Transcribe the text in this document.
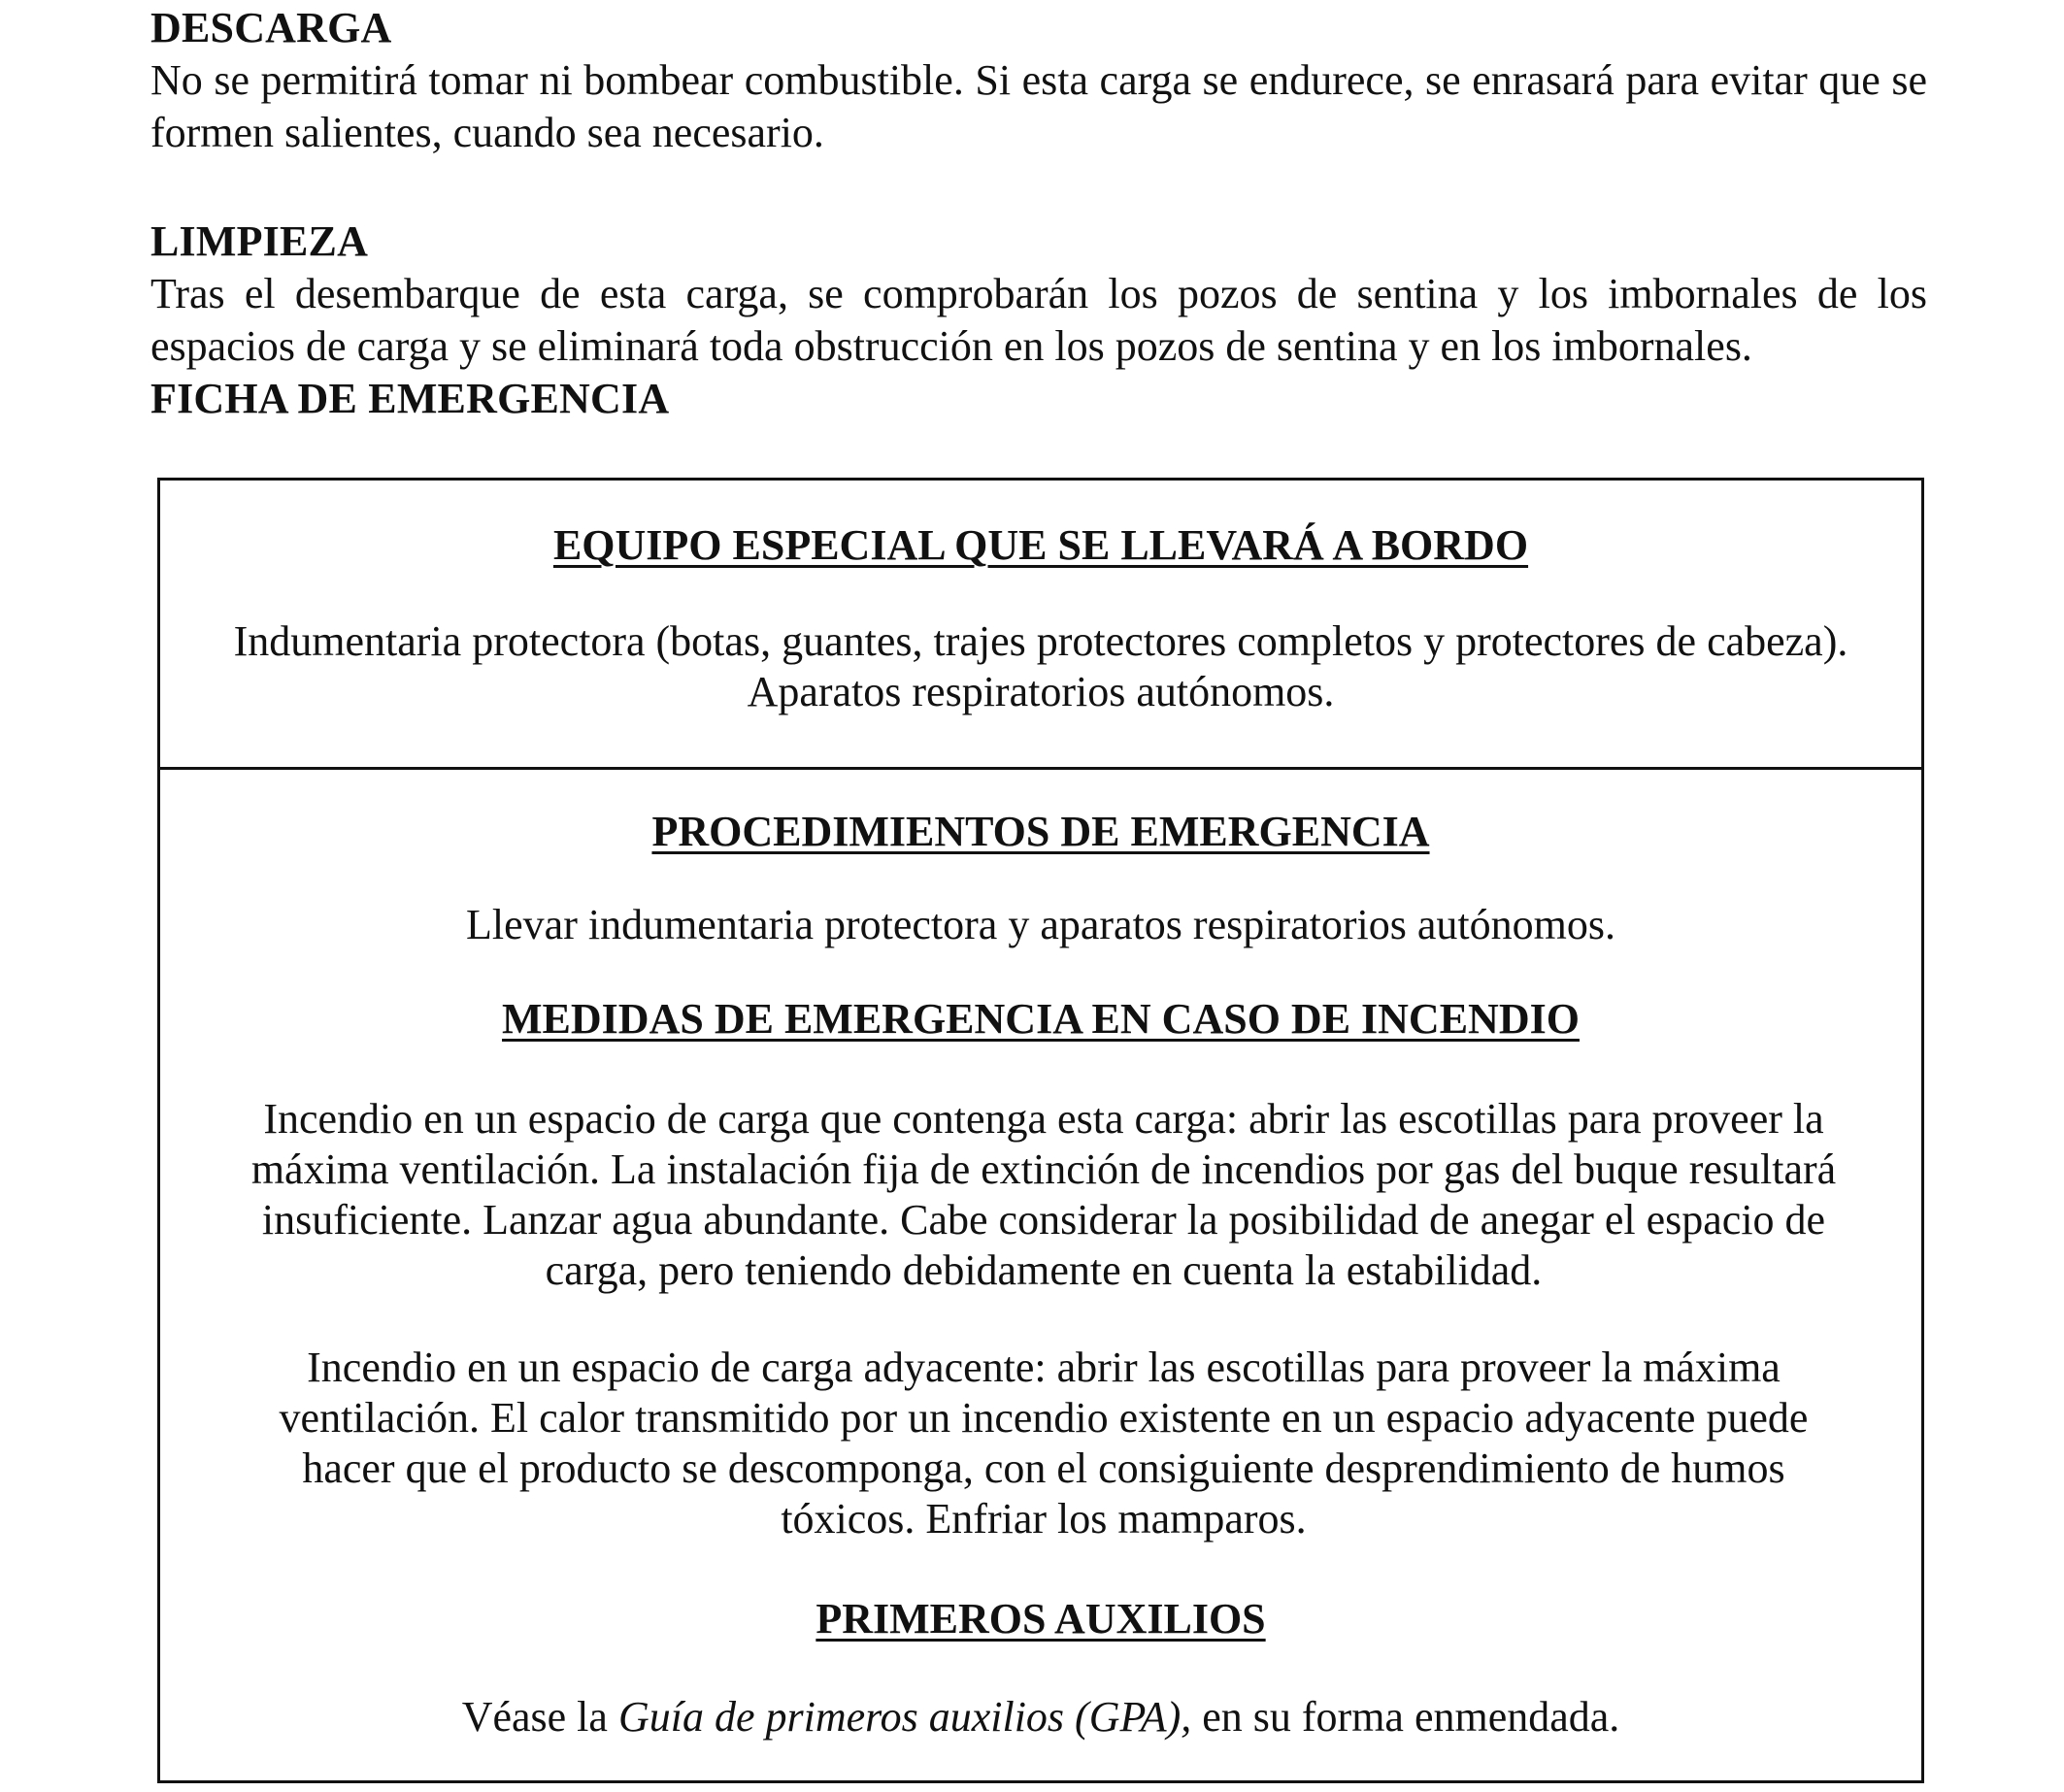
DESCARGA
No se permitirá tomar ni bombear combustible. Si esta carga se endurece, se enrasará para evitar que se formen salientes, cuando sea necesario.
LIMPIEZA
Tras el desembarque de esta carga, se comprobarán los pozos de sentina y los imbornales de los espacios de carga y se eliminará toda obstrucción en los pozos de sentina y en los imbornales.
FICHA DE EMERGENCIA
EQUIPO ESPECIAL QUE SE LLEVARÁ A BORDO
Indumentaria protectora (botas, guantes, trajes protectores completos y protectores de cabeza).
Aparatos respiratorios autónomos.
PROCEDIMIENTOS DE EMERGENCIA
Llevar indumentaria protectora y aparatos respiratorios autónomos.
MEDIDAS DE EMERGENCIA EN CASO DE INCENDIO
Incendio en un espacio de carga que contenga esta carga: abrir las escotillas para proveer la máxima ventilación. La instalación fija de extinción de incendios por gas del buque resultará insuficiente. Lanzar agua abundante. Cabe considerar la posibilidad de anegar el espacio de carga, pero teniendo debidamente en cuenta la estabilidad.
Incendio en un espacio de carga adyacente: abrir las escotillas para proveer la máxima ventilación. El calor transmitido por un incendio existente en un espacio adyacente puede hacer que el producto se descomponga, con el consiguiente desprendimiento de humos tóxicos. Enfriar los mamparos.
PRIMEROS AUXILIOS
Véase la Guía de primeros auxilios (GPA), en su forma enmendada.
